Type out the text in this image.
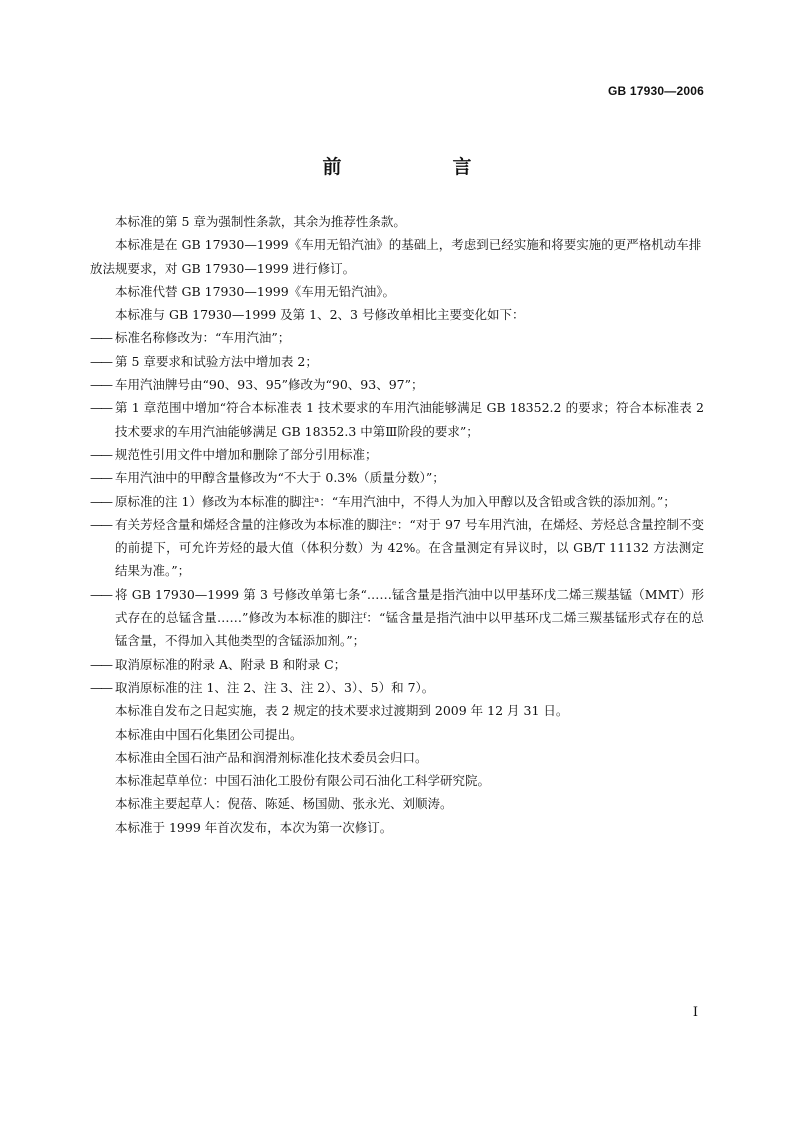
GB 17930—2006
前　言
本标准的第 5 章为强制性条款，其余为推荐性条款。
本标准是在 GB 17930—1999《车用无铅汽油》的基础上，考虑到已经实施和将要实施的更严格机动车排放法规要求，对 GB 17930—1999 进行修订。
本标准代替 GB 17930—1999《车用无铅汽油》。
本标准与 GB 17930—1999 及第 1、2、3 号修改单相比主要变化如下：
—— 标准名称修改为：“车用汽油”；
—— 第 5 章要求和试验方法中增加表 2；
—— 车用汽油牌号由“90、93、95”修改为“90、93、97”；
—— 第 1 章范围中增加“符合本标准表 1 技术要求的车用汽油能够满足 GB 18352.2 的要求；符合本标准表 2 技术要求的车用汽油能够满足 GB 18352.3 中第Ⅲ阶段的要求”；
—— 规范性引用文件中增加和删除了部分引用标准；
—— 车用汽油中的甲醇含量修改为“不大于 0.3%（质量分数）”；
—— 原标准的注 1）修改为本标准的脚注ᵃ：“车用汽油中，不得人为加入甲醇以及含铅或含铁的添加剂。”；
—— 有关芳烃含量和烯烃含量的注修改为本标准的脚注ᵉ：“对于 97 号车用汽油，在烯烃、芳烃总含量控制不变的前提下，可允许芳烃的最大值（体积分数）为 42%。在含量测定有异议时，以 GB/T 11132 方法测定结果为准。”；
—— 将 GB 17930—1999 第 3 号修改单第七条“……锰含量是指汽油中以甲基环戊二烯三羰基锰（MMT）形式存在的总锰含量……”修改为本标准的脚注ᶠ：“锰含量是指汽油中以甲基环戊二烯三羰基锰形式存在的总锰含量，不得加入其他类型的含锰添加剂。”；
—— 取消原标准的附录 A、附录 B 和附录 C；
—— 取消原标准的注 1、注 2、注 3、注 2）、3）、5）和 7）。
本标准自发布之日起实施，表 2 规定的技术要求过渡期到 2009 年 12 月 31 日。
本标准由中国石化集团公司提出。
本标准由全国石油产品和润滑剂标准化技术委员会归口。
本标准起草单位：中国石油化工股份有限公司石油化工科学研究院。
本标准主要起草人：倪蓓、陈延、杨国勋、张永光、刘顺涛。
本标准于 1999 年首次发布，本次为第一次修订。
I
